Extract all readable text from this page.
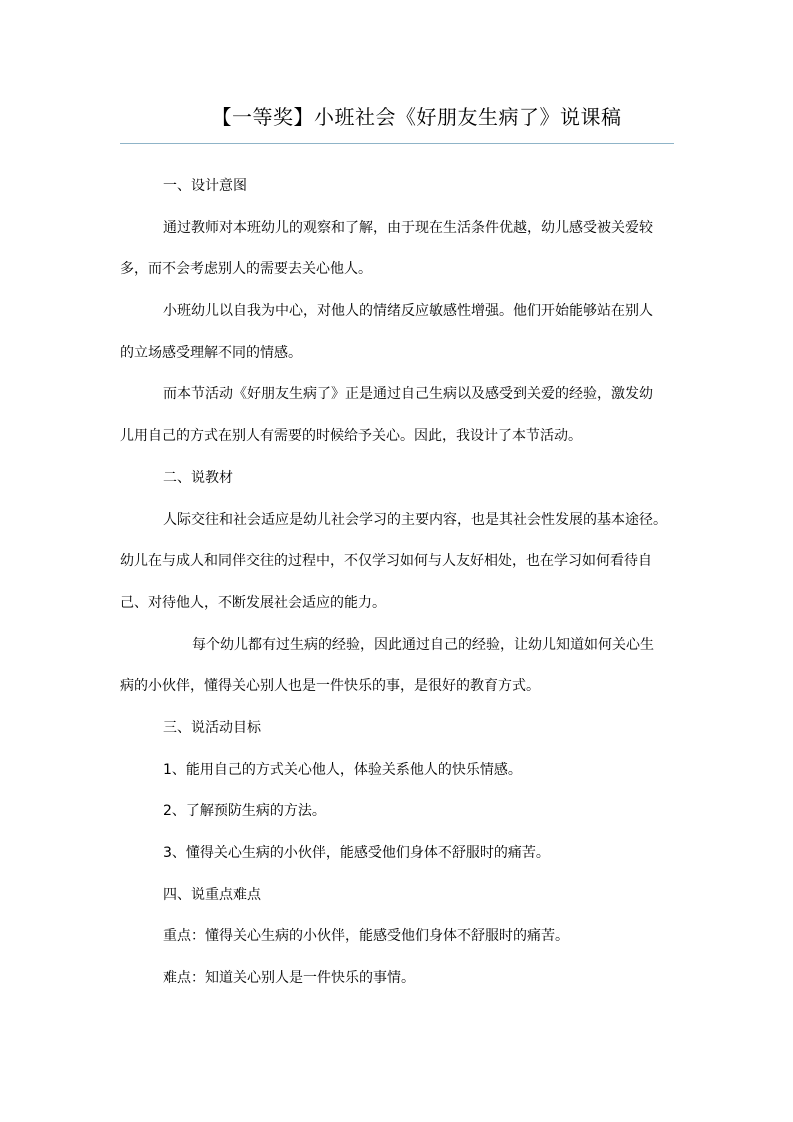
【一等奖】小班社会《好朋友生病了》说课稿
一、设计意图
通过教师对本班幼儿的观察和了解，由于现在生活条件优越，幼儿感受被关爱较
多，而不会考虑别人的需要去关心他人。
小班幼儿以自我为中心，对他人的情绪反应敏感性增强。他们开始能够站在别人
的立场感受理解不同的情感。
而本节活动《好朋友生病了》正是通过自己生病以及感受到关爱的经验，激发幼
儿用自己的方式在别人有需要的时候给予关心。因此，我设计了本节活动。
二、说教材
人际交往和社会适应是幼儿社会学习的主要内容，也是其社会性发展的基本途径。
幼儿在与成人和同伴交往的过程中，不仅学习如何与人友好相处，也在学习如何看待自
己、对待他人，不断发展社会适应的能力。
每个幼儿都有过生病的经验，因此通过自己的经验，让幼儿知道如何关心生
病的小伙伴，懂得关心别人也是一件快乐的事，是很好的教育方式。
三、说活动目标
1、能用自己的方式关心他人，体验关系他人的快乐情感。
2、了解预防生病的方法。
3、懂得关心生病的小伙伴，能感受他们身体不舒服时的痛苦。
四、说重点难点
重点：懂得关心生病的小伙伴，能感受他们身体不舒服时的痛苦。
难点：知道关心别人是一件快乐的事情。
